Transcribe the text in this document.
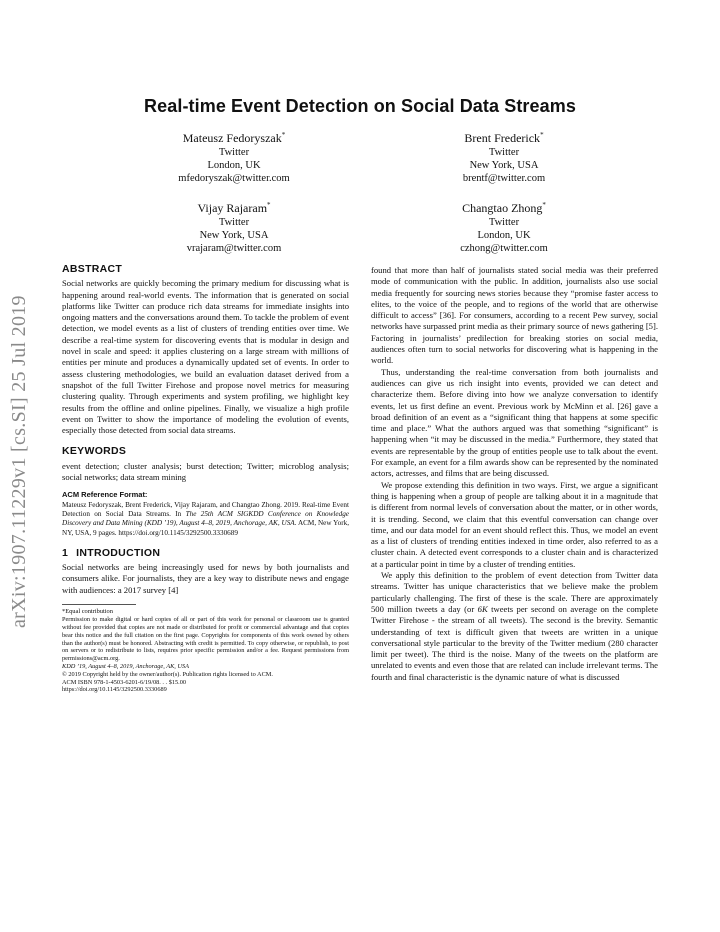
arXiv:1907.11229v1 [cs.SI] 25 Jul 2019
Real-time Event Detection on Social Data Streams
Mateusz Fedoryszak*
Twitter
London, UK
mfedoryszak@twitter.com
Brent Frederick*
Twitter
New York, USA
brentf@twitter.com
Vijay Rajaram*
Twitter
New York, USA
vrajaram@twitter.com
Changtao Zhong*
Twitter
London, UK
czhong@twitter.com
ABSTRACT

Social networks are quickly becoming the primary medium for discussing what is happening around real-world events. The information that is generated on social platforms like Twitter can produce rich data streams for immediate insights into ongoing matters and the conversations around them. To tackle the problem of event detection, we model events as a list of clusters of trending entities over time. We describe a real-time system for discovering events that is modular in design and novel in scale and speed: it applies clustering on a large stream with millions of entities per minute and produces a dynamically updated set of events. In order to assess clustering methodologies, we build an evaluation dataset derived from a snapshot of the full Twitter Firehose and propose novel metrics for measuring clustering quality. Through experiments and system profiling, we highlight key results from the offline and online pipelines. Finally, we visualize a high profile event on Twitter to show the importance of modeling the evolution of events, especially those detected from social data streams.

KEYWORDS

event detection; cluster analysis; burst detection; Twitter; microblog analysis; social networks; data stream mining

ACM Reference Format:

Mateusz Fedoryszak, Brent Frederick, Vijay Rajaram, and Changtao Zhong. 2019. Real-time Event Detection on Social Data Streams. In The 25th ACM SIGKDD Conference on Knowledge Discovery and Data Mining (KDD ’19), August 4–8, 2019, Anchorage, AK, USA. ACM, New York, NY, USA, 9 pages. https://doi.org/10.1145/3292500.3330689

1 INTRODUCTION

Social networks are being increasingly used for news by both journalists and consumers alike. For journalists, they are a key way to distribute news and engage with audiences: a 2017 survey [4]

*Equal contribution

Permission to make digital or hard copies of all or part of this work for personal or classroom use is granted without fee provided that copies are not made or distributed for profit or commercial advantage and that copies bear this notice and the full citation on the first page. Copyrights for components of this work owned by others than the author(s) must be honored. Abstracting with credit is permitted. To copy otherwise, or republish, to post on servers or to redistribute to lists, requires prior specific permission and/or a fee. Request permissions from permissions@acm.org.

KDD ’19, August 4–8, 2019, Anchorage, AK, USA

© 2019 Copyright held by the owner/author(s). Publication rights licensed to ACM.

ACM ISBN 978-1-4503-6201-6/19/08. . . $15.00

https://doi.org/10.1145/3292500.3330689

found that more than half of journalists stated social media was their preferred mode of communication with the public. In addition, journalists also use social media frequently for sourcing news stories because they “promise faster access to elites, to the voice of the people, and to regions of the world that are otherwise difficult to access” [36]. For consumers, according to a recent Pew survey, social networks have surpassed print media as their primary source of news gathering [5]. Factoring in journalists’ predilection for breaking stories on social media, audiences often turn to social networks for discovering what is happening in the world.

Thus, understanding the real-time conversation from both journalists and audiences can give us rich insight into events, provided we can detect and characterize them. Before diving into how we analyze conversation to identify events, let us first define an event. Previous work by McMinn et al. [26] gave a broad definition of an event as a “significant thing that happens at some specific time and place.” What the authors argued was that something “significant” is happening when “it may be discussed in the media.” Furthermore, they stated that events are representable by the group of entities people use to talk about the event. For example, an event for a film awards show can be represented by the nominated actors, actresses, and films that are being discussed.

We propose extending this definition in two ways. First, we argue a significant thing is happening when a group of people are talking about it in a magnitude that is different from normal levels of conversation about the matter, or in other words, it is trending. Second, we claim that this eventful conversation can change over time, and our data model for an event should reflect this. Thus, we model an event as a list of clusters of trending entities indexed in time order, also referred to as a cluster chain. A detected event corresponds to a cluster chain and is characterized at a particular point in time by a cluster of trending entities.

We apply this definition to the problem of event detection from Twitter data streams. Twitter has unique characteristics that we believe make the problem particularly challenging. The first of these is the scale. There are approximately 500 million tweets a day (or 6K tweets per second on average on the complete Twitter Firehose - the stream of all tweets). The second is the brevity. Semantic understanding of text is difficult given that tweets are written in a unique conversational style particular to the brevity of the Twitter medium (280 character limit per tweet). The third is the noise. Many of the tweets on the platform are unrelated to events and even those that are related can include irrelevant terms. The fourth and final characteristic is the dynamic nature of what is discussed
